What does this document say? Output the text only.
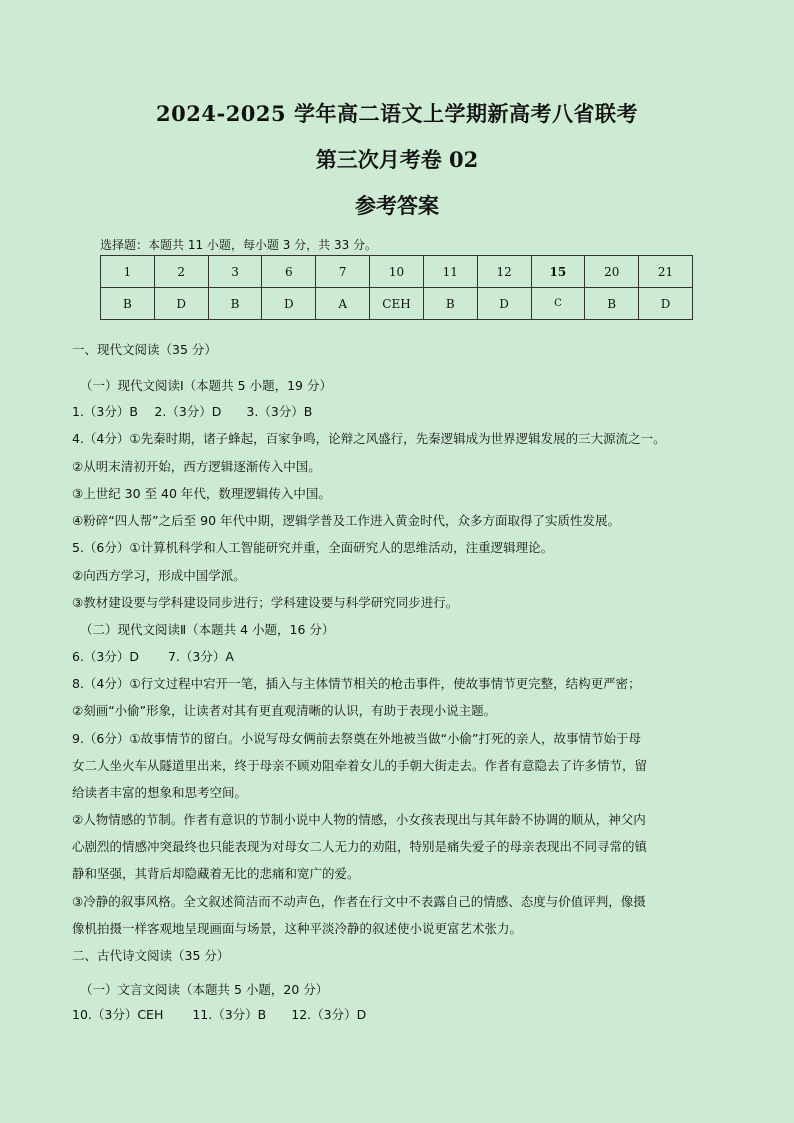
2024-2025 学年高二语文上学期新高考八省联考
第三次月考卷 02
参考答案
选择题：本题共 11 小题，每小题 3 分，共 33 分。
1	2	3	6	7	10	11	12	15	20	21
B	D	B	D	A	CEH	B	D	C	B	D
一、现代文阅读（35 分）
（一）现代文阅读Ⅰ（本题共 5 小题，19 分）
1.（3分）B　 2.（3分）D　　3.（3分）B
4.（4分）①先秦时期，诸子蜂起，百家争鸣，论辩之风盛行，先秦逻辑成为世界逻辑发展的三大源流之一。
②从明末清初开始，西方逻辑逐渐传入中国。
③上世纪 30 至 40 年代，数理逻辑传入中国。
④粉碎“四人帮”之后至 90 年代中期，逻辑学普及工作进入黄金时代，众多方面取得了实质性发展。
5.（6分）①计算机科学和人工智能研究并重，全面研究人的思维活动，注重逻辑理论。
②向西方学习，形成中国学派。
③教材建设要与学科建设同步进行；学科建设要与科学研究同步进行。
（二）现代文阅读Ⅱ（本题共 4 小题，16 分）
6.（3分）D　　 7.（3分）A
8.（4分）①行文过程中宕开一笔，插入与主体情节相关的枪击事件，使故事情节更完整，结构更严密；
②刻画“小偷”形象，让读者对其有更直观清晰的认识，有助于表现小说主题。
9.（6分）①故事情节的留白。小说写母女俩前去祭奠在外地被当做“小偷”打死的亲人，故事情节始于母
女二人坐火车从隧道里出来，终于母亲不顾劝阻牵着女儿的手朝大街走去。作者有意隐去了许多情节，留
给读者丰富的想象和思考空间。
②人物情感的节制。作者有意识的节制小说中人物的情感，小女孩表现出与其年龄不协调的顺从，神父内
心剧烈的情感冲突最终也只能表现为对母女二人无力的劝阻，特别是痛失爱子的母亲表现出不同寻常的镇
静和坚强，其背后却隐藏着无比的悲痛和宽广的爱。
③冷静的叙事风格。全文叙述简洁而不动声色，作者在行文中不表露自己的情感、态度与价值评判，像摄
像机拍摄一样客观地呈现画面与场景，这种平淡冷静的叙述使小说更富艺术张力。
二、古代诗文阅读（35 分）
（一）文言文阅读（本题共 5 小题，20 分）
10.（3分）CEH　　 11.（3分）B　　12.（3分）D
